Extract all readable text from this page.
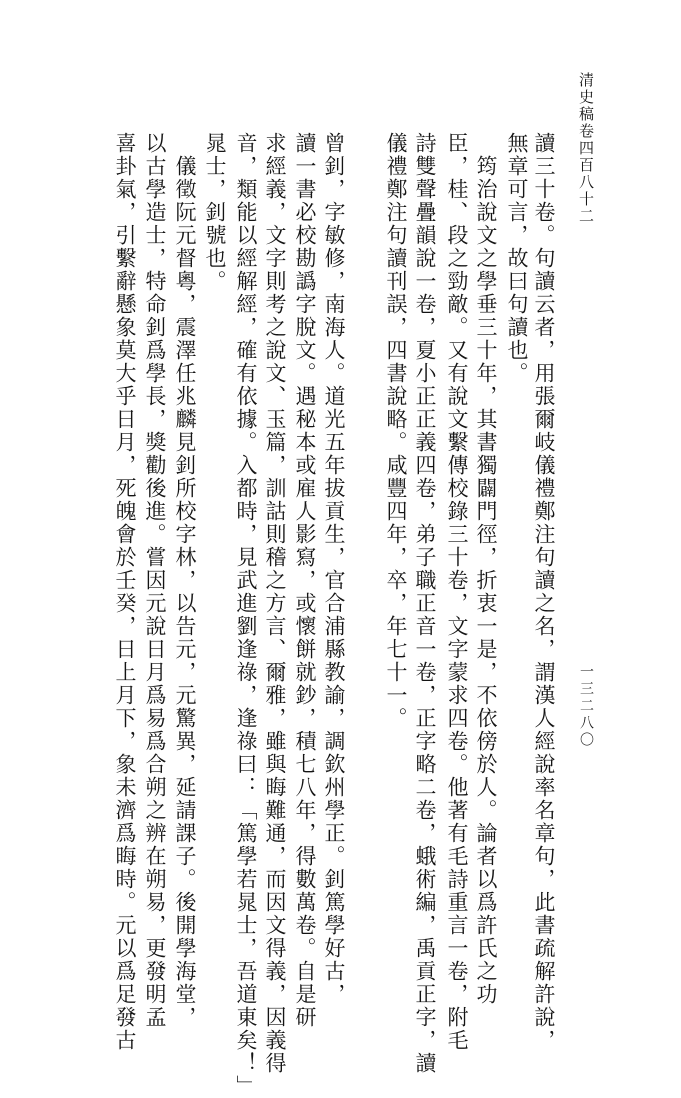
清史稿卷四百八十二
一三二八〇
讀三十卷。句讀云者，用張爾岐儀禮鄭注句讀之名，謂漢人經說率名章句，此書疏解許說，
無章可言，故曰句讀也。
　筠治說文之學垂三十年，其書獨闢門徑，折衷一是，不依傍於人。論者以爲許氏之功
臣，桂、段之勁敵。又有說文繫傳校錄三十卷，文字蒙求四卷。他著有毛詩重言一卷，附毛
詩雙聲疊韻說一卷，夏小正正義四卷，弟子職正音一卷，正字略二卷，蛾術編，禹貢正字，讀
儀禮鄭注句讀刊誤，四書說略。咸豐四年，卒，年七十一。
曾釗，字敏修，南海人。道光五年拔貢生，官合浦縣教諭，調欽州學正。釗篤學好古，
讀一書必校勘譌字脫文。遇秘本或雇人影寫，或懷餅就鈔，積七八年，得數萬卷。自是研
求經義，文字則考之說文、玉篇，訓詁則稽之方言、爾雅，雖與晦難通，而因文得義，因義得
音，類能以經解經，確有依據。入都時，見武進劉逢祿，逢祿曰：「篤學若晁士，吾道東矣！」
晁士，釗號也。
　儀徵阮元督粵，震澤任兆麟見釗所校字林，以告元，元驚異，延請課子。後開學海堂，
以古學造士，特命釗爲學長，獎勸後進。嘗因元說日月爲易爲合朔之辨在朔易，更發明孟
喜卦氣，引繫辭懸象莫大乎日月，死魄會於壬癸，日上月下，象未濟爲晦時。元以爲足發古
